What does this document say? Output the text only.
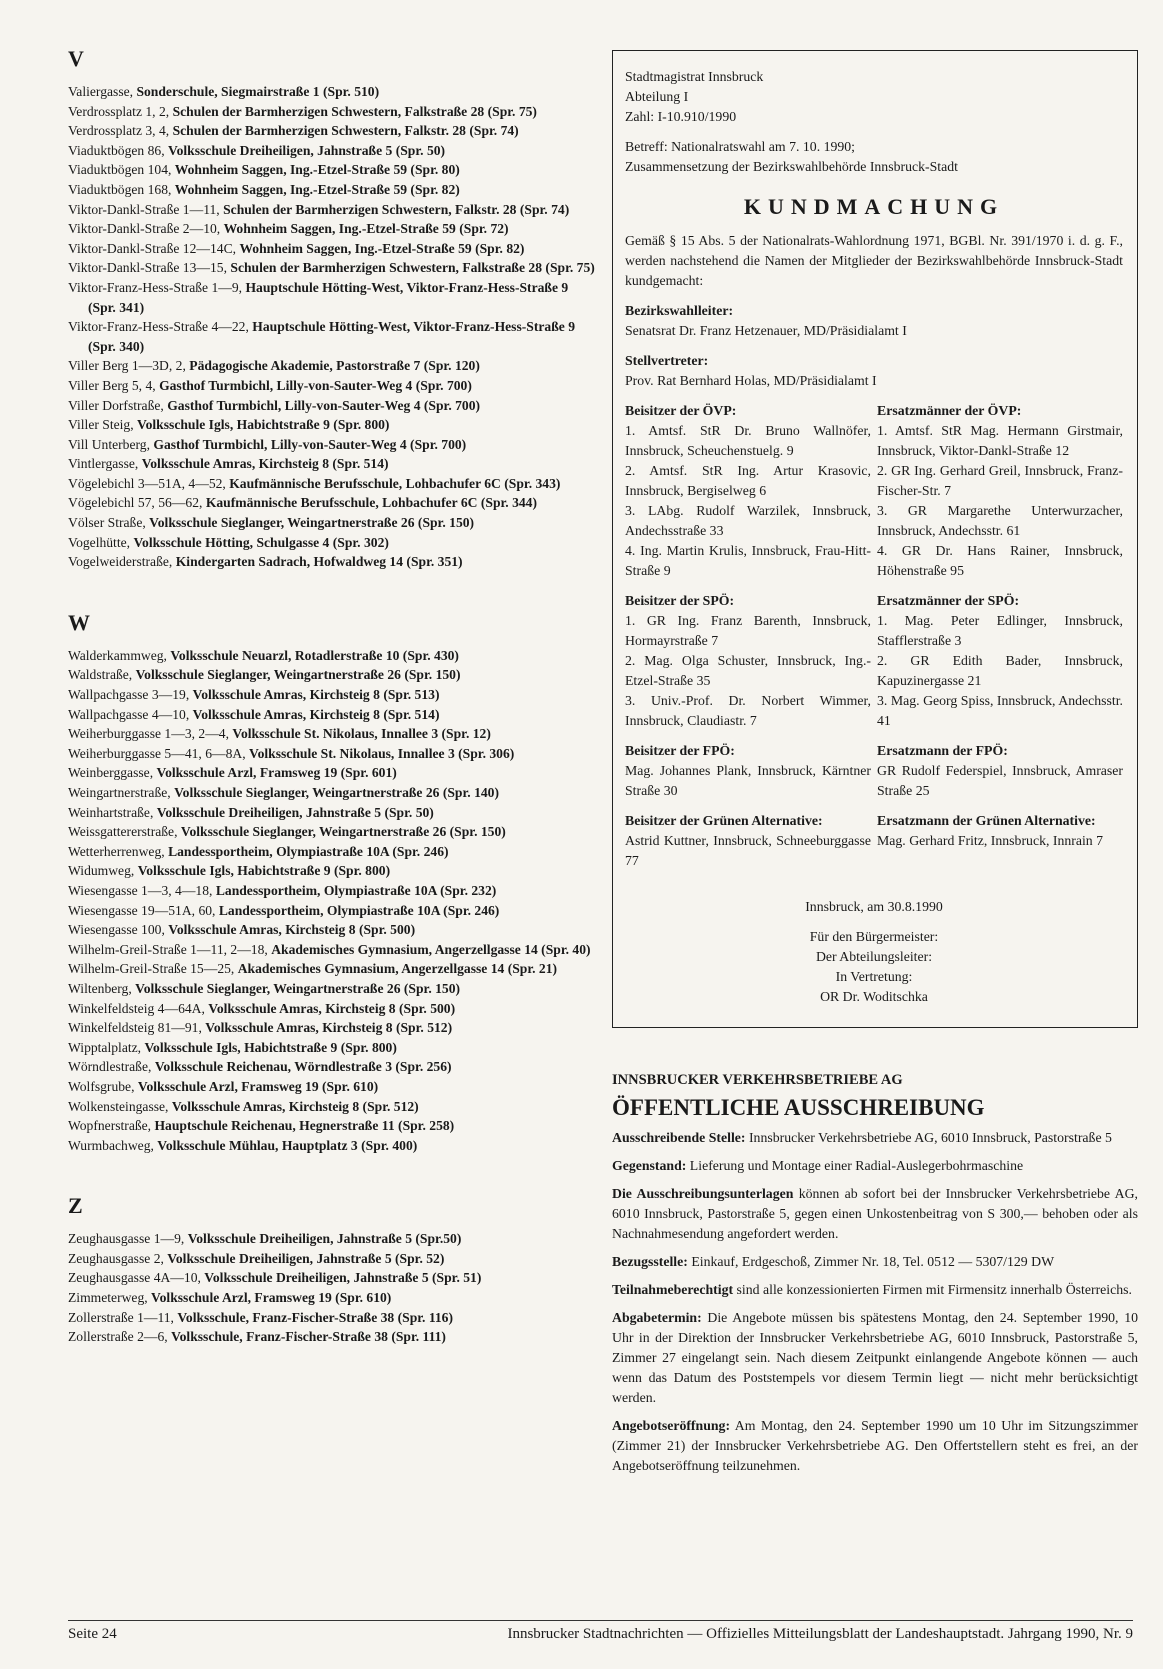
V
Valiergasse, Sonderschule, Siegmairstraße 1 (Spr. 510)
Verdrossplatz 1, 2, Schulen der Barmherzigen Schwestern, Falkstraße 28 (Spr. 75)
Verdrossplatz 3, 4, Schulen der Barmherzigen Schwestern, Falkstr. 28 (Spr. 74)
Viaduktbögen 86, Volksschule Dreiheiligen, Jahnstraße 5 (Spr. 50)
Viaduktbögen 104, Wohnheim Saggen, Ing.-Etzel-Straße 59 (Spr. 80)
Viaduktbögen 168, Wohnheim Saggen, Ing.-Etzel-Straße 59 (Spr. 82)
Viktor-Dankl-Straße 1—11, Schulen der Barmherzigen Schwestern, Falkstr. 28 (Spr. 74)
Viktor-Dankl-Straße 2—10, Wohnheim Saggen, Ing.-Etzel-Straße 59 (Spr. 72)
Viktor-Dankl-Straße 12—14C, Wohnheim Saggen, Ing.-Etzel-Straße 59 (Spr. 82)
Viktor-Dankl-Straße 13—15, Schulen der Barmherzigen Schwestern, Falkstraße 28 (Spr. 75)
Viktor-Franz-Hess-Straße 1—9, Hauptschule Hötting-West, Viktor-Franz-Hess-Straße 9 (Spr. 341)
Viktor-Franz-Hess-Straße 4—22, Hauptschule Hötting-West, Viktor-Franz-Hess-Straße 9 (Spr. 340)
Viller Berg 1—3D, 2, Pädagogische Akademie, Pastorstraße 7 (Spr. 120)
Viller Berg 5, 4, Gasthof Turmbichl, Lilly-von-Sauter-Weg 4 (Spr. 700)
Viller Dorfstraße, Gasthof Turmbichl, Lilly-von-Sauter-Weg 4 (Spr. 700)
Viller Steig, Volksschule Igls, Habichtstraße 9 (Spr. 800)
Vill Unterberg, Gasthof Turmbichl, Lilly-von-Sauter-Weg 4 (Spr. 700)
Vintlergasse, Volksschule Amras, Kirchsteig 8 (Spr. 514)
Vögelebichl 3—51A, 4—52, Kaufmännische Berufsschule, Lohbachufer 6C (Spr. 343)
Vögelebichl 57, 56—62, Kaufmännische Berufsschule, Lohbachufer 6C (Spr. 344)
Völser Straße, Volksschule Sieglanger, Weingartnerstraße 26 (Spr. 150)
Vogelhütte, Volksschule Hötting, Schulgasse 4 (Spr. 302)
Vogelweiderstraße, Kindergarten Sadrach, Hofwaldweg 14 (Spr. 351)
W
Walderkammweg, Volksschule Neuarzl, Rotadlerstraße 10 (Spr. 430)
Waldstraße, Volksschule Sieglanger, Weingartnerstraße 26 (Spr. 150)
Wallpachgasse 3—19, Volksschule Amras, Kirchsteig 8 (Spr. 513)
Wallpachgasse 4—10, Volksschule Amras, Kirchsteig 8 (Spr. 514)
Weiherburggasse 1—3, 2—4, Volksschule St. Nikolaus, Innallee 3 (Spr. 12)
Weiherburggasse 5—41, 6—8A, Volksschule St. Nikolaus, Innallee 3 (Spr. 306)
Weinberggasse, Volksschule Arzl, Framsweg 19 (Spr. 601)
Weingartnerstraße, Volksschule Sieglanger, Weingartnerstraße 26 (Spr. 140)
Weinhartstraße, Volksschule Dreiheiligen, Jahnstraße 5 (Spr. 50)
Weissgattererstraße, Volksschule Sieglanger, Weingartnerstraße 26 (Spr. 150)
Wetterherrenweg, Landessportheim, Olympiastraße 10A (Spr. 246)
Widumweg, Volksschule Igls, Habichtstraße 9 (Spr. 800)
Wiesengasse 1—3, 4—18, Landessportheim, Olympiastraße 10A (Spr. 232)
Wiesengasse 19—51A, 60, Landessportheim, Olympiastraße 10A (Spr. 246)
Wiesengasse 100, Volksschule Amras, Kirchsteig 8 (Spr. 500)
Wilhelm-Greil-Straße 1—11, 2—18, Akademisches Gymnasium, Angerzellgasse 14 (Spr. 40)
Wilhelm-Greil-Straße 15—25, Akademisches Gymnasium, Angerzellgasse 14 (Spr. 21)
Wiltenberg, Volksschule Sieglanger, Weingartnerstraße 26 (Spr. 150)
Winkelfeldsteig 4—64A, Volksschule Amras, Kirchsteig 8 (Spr. 500)
Winkelfeldsteig 81—91, Volksschule Amras, Kirchsteig 8 (Spr. 512)
Wipptalplatz, Volksschule Igls, Habichtstraße 9 (Spr. 800)
Wörndlestraße, Volksschule Reichenau, Wörndlestraße 3 (Spr. 256)
Wolfsgrube, Volksschule Arzl, Framsweg 19 (Spr. 610)
Wolkensteingasse, Volksschule Amras, Kirchsteig 8 (Spr. 512)
Wopfnerstraße, Hauptschule Reichenau, Hegnerstraße 11 (Spr. 258)
Wurmbachweg, Volksschule Mühlau, Hauptplatz 3 (Spr. 400)
Z
Zeughausgasse 1—9, Volksschule Dreiheiligen, Jahnstraße 5 (Spr.50)
Zeughausgasse 2, Volksschule Dreiheiligen, Jahnstraße 5 (Spr. 52)
Zeughausgasse 4A—10, Volksschule Dreiheiligen, Jahnstraße 5 (Spr. 51)
Zimmeterweg, Volksschule Arzl, Framsweg 19 (Spr. 610)
Zollerstraße 1—11, Volksschule, Franz-Fischer-Straße 38 (Spr. 116)
Zollerstraße 2—6, Volksschule, Franz-Fischer-Straße 38 (Spr. 111)

Stadtmagistrat Innsbruck

Abteilung I

Zahl: I-10.910/1990

Betreff: Nationalratswahl am 7. 10. 1990;

Zusammensetzung der Bezirkswahlbehörde Innsbruck-Stadt

KUNDMACHUNG

Gemäß § 15 Abs. 5 der Nationalrats-Wahlordnung 1971, BGBl. Nr. 391/1970 i. d. g. F., werden nachstehend die Namen der Mitglieder der Bezirkswahlbehörde Innsbruck-Stadt kundgemacht:

Bezirkswahlleiter:

Senatsrat Dr. Franz Hetzenauer, MD/Präsidialamt I

Stellvertreter:

Prov. Rat Bernhard Holas, MD/Präsidialamt I

Beisitzer der ÖVP:
1. Amtsf. StR Dr. Bruno Wallnöfer, Innsbruck, Scheuchenstuelg. 9
2. Amtsf. StR Ing. Artur Krasovic, Innsbruck, Bergiselweg 6
3. LAbg. Rudolf Warzilek, Innsbruck, Andechsstraße 33
4. Ing. Martin Krulis, Innsbruck, Frau-Hitt-Straße 9
Ersatzmänner der ÖVP:
1. Amtsf. StR Mag. Hermann Girstmair, Innsbruck, Viktor-Dankl-Straße 12
2. GR Ing. Gerhard Greil, Innsbruck, Franz-Fischer-Str. 7
3. GR Margarethe Unterwurzacher, Innsbruck, Andechsstr. 61
4. GR Dr. Hans Rainer, Innsbruck, Höhenstraße 95
Beisitzer der SPÖ:
1. GR Ing. Franz Barenth, Innsbruck, Hormayrstraße 7
2. Mag. Olga Schuster, Innsbruck, Ing.-Etzel-Straße 35
3. Univ.-Prof. Dr. Norbert Wimmer, Innsbruck, Claudiastr. 7
Ersatzmänner der SPÖ:
1. Mag. Peter Edlinger, Innsbruck, Stafflerstraße 3
2. GR Edith Bader, Innsbruck, Kapuzinergasse 21
3. Mag. Georg Spiss, Innsbruck, Andechsstr. 41
Beisitzer der FPÖ:
Mag. Johannes Plank, Innsbruck, Kärntner Straße 30
Ersatzmann der FPÖ:
GR Rudolf Federspiel, Innsbruck, Amraser Straße 25
Beisitzer der Grünen Alternative:
Astrid Kuttner, Innsbruck, Schneeburggasse 77
Ersatzmann der Grünen Alternative:
Mag. Gerhard Fritz, Innsbruck, Innrain 7

Innsbruck, am 30.8.1990

Für den Bürgermeister:

Der Abteilungsleiter:

In Vertretung:

OR Dr. Woditschka

INNSBRUCKER VERKEHRSBETRIEBE AG
ÖFFENTLICHE AUSSCHREIBUNG

Ausschreibende Stelle: Innsbrucker Verkehrsbetriebe AG, 6010 Innsbruck, Pastorstraße 5

Gegenstand: Lieferung und Montage einer Radial-Auslegerbohrmaschine

Die Ausschreibungsunterlagen können ab sofort bei der Innsbrucker Verkehrsbetriebe AG, 6010 Innsbruck, Pastorstraße 5, gegen einen Unkostenbeitrag von S 300,— behoben oder als Nachnahmesendung angefordert werden.

Bezugsstelle: Einkauf, Erdgeschoß, Zimmer Nr. 18, Tel. 0512 — 5307/129 DW

Teilnahmeberechtigt sind alle konzessionierten Firmen mit Firmensitz innerhalb Österreichs.

Abgabetermin: Die Angebote müssen bis spätestens Montag, den 24. September 1990, 10 Uhr in der Direktion der Innsbrucker Verkehrsbetriebe AG, 6010 Innsbruck, Pastorstraße 5, Zimmer 27 eingelangt sein. Nach diesem Zeitpunkt einlangende Angebote können — auch wenn das Datum des Poststempels vor diesem Termin liegt — nicht mehr berücksichtigt werden.

Angebotseröffnung: Am Montag, den 24. September 1990 um 10 Uhr im Sitzungszimmer (Zimmer 21) der Innsbrucker Verkehrsbetriebe AG. Den Offertstellern steht es frei, an der Angebotseröffnung teilzunehmen.

Seite 24	Innsbrucker Stadtnachrichten — Offizielles Mitteilungsblatt der Landeshauptstadt. Jahrgang 1990, Nr. 9
